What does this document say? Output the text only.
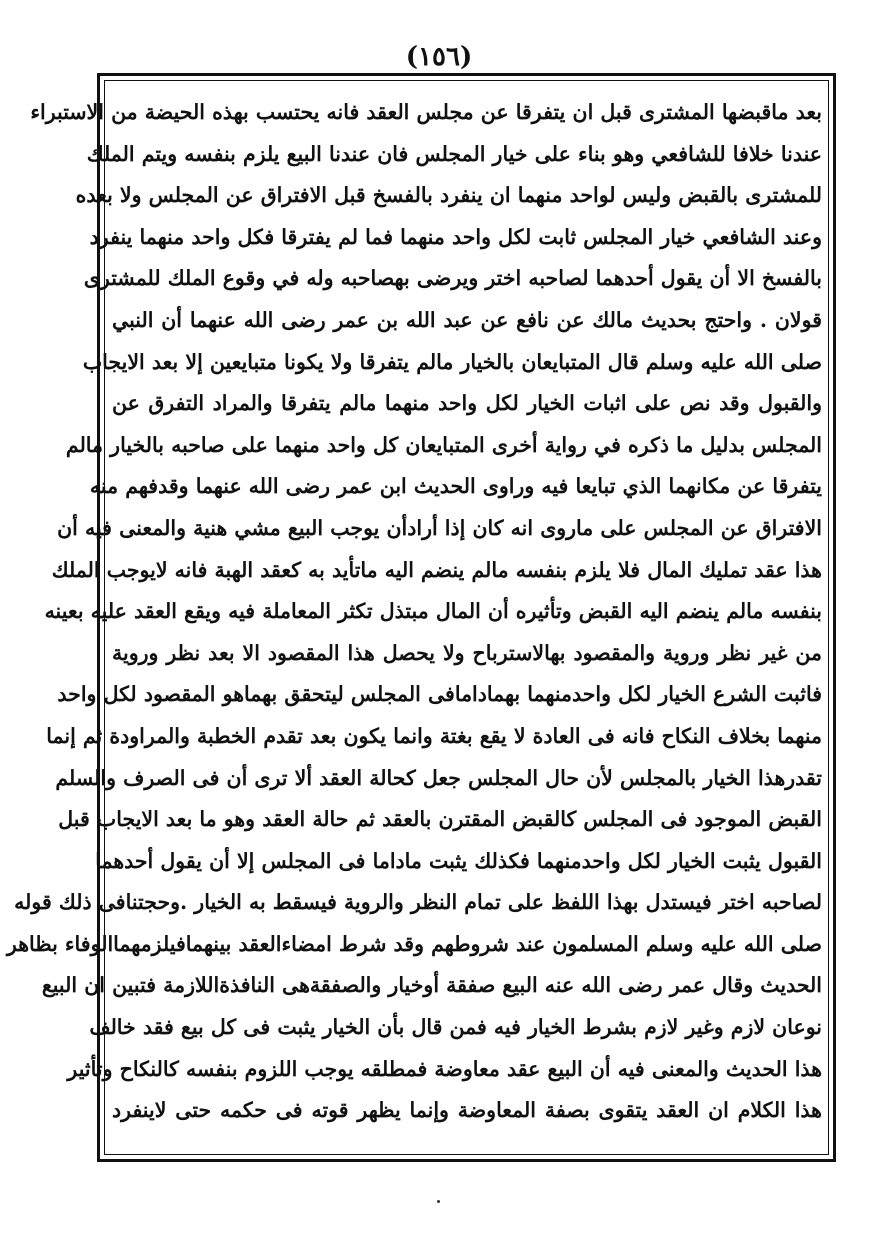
(١٥٦)
بعد ماقبضها المشترى قبل ان يتفرقا عن مجلس العقد فانه يحتسب بهذه الحيضة من الاستبراء
عندنا خلافا للشافعي وهو بناء على خيار المجلس فان عندنا البيع يلزم بنفسه ويتم الملك
للمشترى بالقبض وليس لواحد منهما ان ينفرد بالفسخ قبل الافتراق عن المجلس ولا بعده
وعند الشافعي خيار المجلس ثابت لكل واحد منهما فما لم يفترقا فكل واحد منهما ينفرد
بالفسخ الا أن يقول أحدهما لصاحبه اختر ويرضى بهصاحبه وله في وقوع الملك للمشترى
قولان . واحتج بحديث مالك عن نافع عن عبد الله بن عمر رضى الله عنهما أن النبي
صلى الله عليه وسلم قال المتبايعان بالخيار مالم يتفرقا ولا يكونا متبايعين إلا بعد الايجاب
والقبول وقد نص على اثبات الخيار لكل واحد منهما مالم يتفرقا والمراد التفرق عن
المجلس بدليل ما ذكره في رواية أخرى المتبايعان كل واحد منهما على صاحبه بالخيار مالم
يتفرقا عن مكانهما الذي تبايعا فيه وراوى الحديث ابن عمر رضى الله عنهما وقدفهم منه
الافتراق عن المجلس على ماروى انه كان إذا أرادأن يوجب البيع مشي هنية والمعنى فيه أن
هذا عقد تمليك المال فلا يلزم بنفسه مالم ينضم اليه ماتأيد به كعقد الهبة فانه لايوجب الملك
بنفسه مالم ينضم اليه القبض وتأثيره أن المال مبتذل تكثر المعاملة فيه ويقع العقد عليه بعينه
من غير نظر وروية والمقصود بهالاسترباح ولا يحصل هذا المقصود الا بعد نظر وروية
فاثبت الشرع الخيار لكل واحدمنهما بهمادامافى المجلس ليتحقق بهماهو المقصود لكل واحد
منهما بخلاف النكاح فانه فى العادة لا يقع بغتة وانما يكون بعد تقدم الخطبة والمراودة ثم إنما
تقدرهذا الخيار بالمجلس لأن حال المجلس جعل كحالة العقد ألا ترى أن فى الصرف والسلم
القبض الموجود فى المجلس كالقبض المقترن بالعقد ثم حالة العقد وهو ما بعد الايجاب قبل
القبول يثبت الخيار لكل واحدمنهما فكذلك يثبت ماداما فى المجلس إلا أن يقول أحدهما
لصاحبه اختر فيستدل بهذا اللفظ على تمام النظر والروية فيسقط به الخيار .وحجتنافى ذلك قوله
صلى الله عليه وسلم المسلمون عند شروطهم وقد شرط امضاءالعقد بينهمافيلزمهماالوفاء بظاهر
الحديث وقال عمر رضى الله عنه البيع صفقة أوخيار والصفقةهى النافذةاللازمة فتبين ان البيع
نوعان لازم وغير لازم بشرط الخيار فيه فمن قال بأن الخيار يثبت فى كل بيع فقد خالف
هذا الحديث والمعنى فيه أن البيع عقد معاوضة فمطلقه يوجب اللزوم بنفسه كالنكاح وتأثير
هذا الكلام ان العقد يتقوى بصفة المعاوضة وإنما يظهر قوته فى حكمه حتى لاينفرد
